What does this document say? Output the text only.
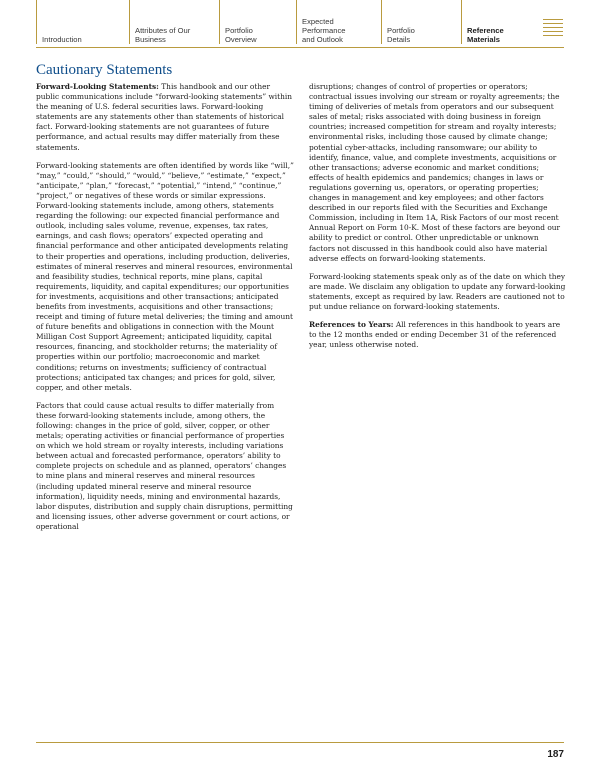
Introduction
Attributes of Our Business
Portfolio Overview
Expected Performance and Outlook
Portfolio Details
Reference Materials
Cautionary Statements

Forward-Looking Statements: This handbook and our other public communications include “forward-looking statements” within the meaning of U.S. federal securities laws. Forward-looking statements are any statements other than statements of historical fact. Forward-looking statements are not guarantees of future performance, and actual results may differ materially from these statements.

Forward-looking statements are often identified by words like “will,” “may,” “could,” “should,” “would,” “believe,” “estimate,” “expect,” “anticipate,” “plan,” “forecast,” “potential,” “intend,” “continue,” “project,” or negatives of these words or similar expressions. Forward-looking statements include, among others, statements regarding the following: our expected financial performance and outlook, including sales volume, revenue, expenses, tax rates, earnings, and cash flows; operators’ expected operating and financial performance and other anticipated developments relating to their properties and operations, including production, deliveries, estimates of mineral reserves and mineral resources, environmental and feasibility studies, technical reports, mine plans, capital requirements, liquidity, and capital expenditures; our opportunities for investments, acquisitions and other transactions; anticipated benefits from investments, acquisitions and other transactions; receipt and timing of future metal deliveries; the timing and amount of future benefits and obligations in connection with the Mount Milligan Cost Support Agreement; anticipated liquidity, capital resources, financing, and stockholder returns; the materiality of properties within our portfolio; macroeconomic and market conditions; returns on investments; sufficiency of contractual protections; anticipated tax changes; and prices for gold, silver, copper, and other metals.

Factors that could cause actual results to differ materially from these forward-looking statements include, among others, the following: changes in the price of gold, silver, copper, or other metals; operating activities or financial performance of properties on which we hold stream or royalty interests, including variations between actual and forecasted performance, operators’ ability to complete projects on schedule and as planned, operators’ changes to mine plans and mineral reserves and mineral resources (including updated mineral reserve and mineral resource information), liquidity needs, mining and environmental hazards, labor disputes, distribution and supply chain disruptions, permitting and licensing issues, other adverse government or court actions, or operational

disruptions; changes of control of properties or operators; contractual issues involving our stream or royalty agreements; the timing of deliveries of metals from operators and our subsequent sales of metal; risks associated with doing business in foreign countries; increased competition for stream and royalty interests; environmental risks, including those caused by climate change; potential cyber-attacks, including ransomware; our ability to identify, finance, value, and complete investments, acquisitions or other transactions; adverse economic and market conditions; effects of health epidemics and pandemics; changes in laws or regulations governing us, operators, or operating properties; changes in management and key employees; and other factors described in our reports filed with the Securities and Exchange Commission, including in Item 1A, Risk Factors of our most recent Annual Report on Form 10-K. Most of these factors are beyond our ability to predict or control. Other unpredictable or unknown factors not discussed in this handbook could also have material adverse effects on forward-looking statements.

Forward-looking statements speak only as of the date on which they are made. We disclaim any obligation to update any forward-looking statements, except as required by law. Readers are cautioned not to put undue reliance on forward-looking statements.

References to Years: All references in this handbook to years are to the 12 months ended or ending December 31 of the referenced year, unless otherwise noted.

187
